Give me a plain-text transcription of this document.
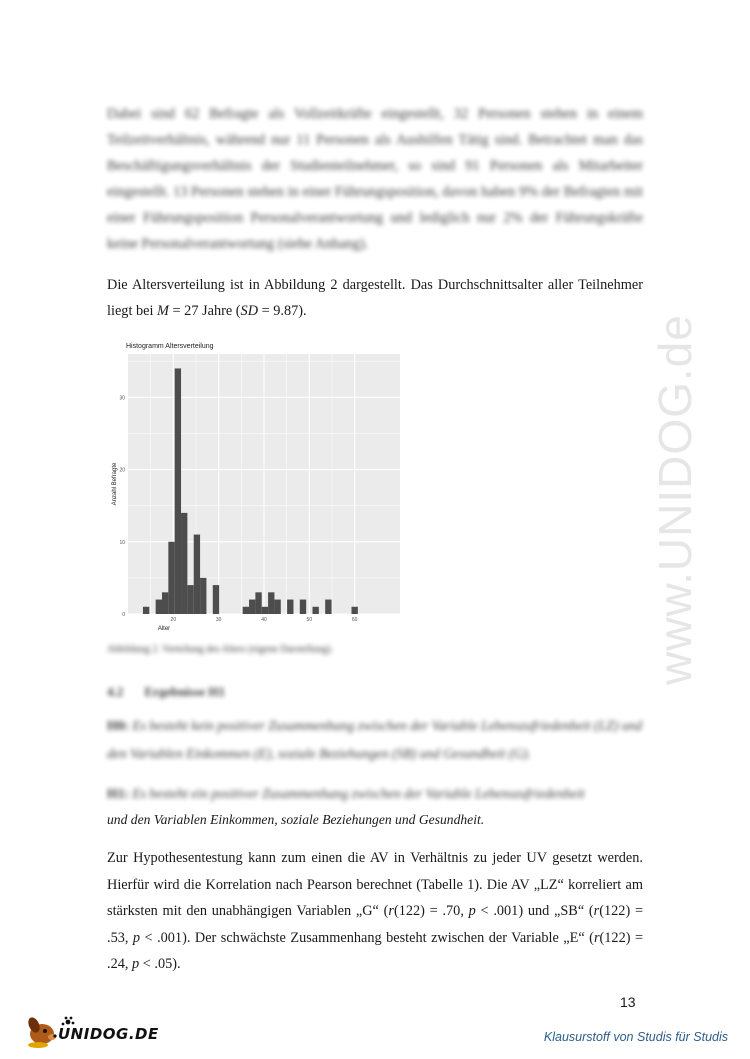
www.UNIDOG.de
Dabei sind 62 Befragte als Vollzeitkräfte eingestellt, 32 Personen stehen in einem Teilzeitverhältnis, während nur 11 Personen als Aushilfen Tätig sind. Betrachtet man das Beschäftigungsverhältnis der Studienteilnehmer, so sind 91 Personen als Mitarbeiter eingestellt. 13 Personen stehen in einer Führungsposition, davon haben 9% der Befragten mit einer Führungsposition Personalverantwortung und lediglich nur 2% der Führungskräfte keine Personalverantwortung (siehe Anhang).
Die Altersverteilung ist in Abbildung 2 dargestellt. Das Durchschnittsalter aller Teilnehmer liegt bei M = 27 Jahre (SD = 9.87).
Histogramm Altersverteilung
0
10
20
30
20	30	40	50	60
Anzahl Befragte
Alter
Abbildung 2. Verteilung des Alters (eigene Darstellung).
4.2 Ergebnisse H1
H0: Es besteht kein positiver Zusammenhang zwischen der Variable Lebenszufriedenheit (LZ) und den Variablen Einkommen (E), soziale Beziehungen (SB) und Gesundheit (G).
H1: Es besteht ein positiver Zusammenhang zwischen der Variable Lebenszufriedenheit
und den Variablen Einkommen, soziale Beziehungen und Gesundheit.
Zur Hypothesentestung kann zum einen die AV in Verhältnis zu jeder UV gesetzt werden. Hierfür wird die Korrelation nach Pearson berechnet (Tabelle 1). Die AV „LZ“ korreliert am stärksten mit den unabhängigen Variablen „G“ (r(122) = .70, p < .001) und „SB“ (r(122) = .53, p < .001). Der schwächste Zusammenhang besteht zwischen der Variable „E“ (r(122) = .24, p < .05).
13
UNIDOG.DE	Klausurstoff von Studis für Studis
